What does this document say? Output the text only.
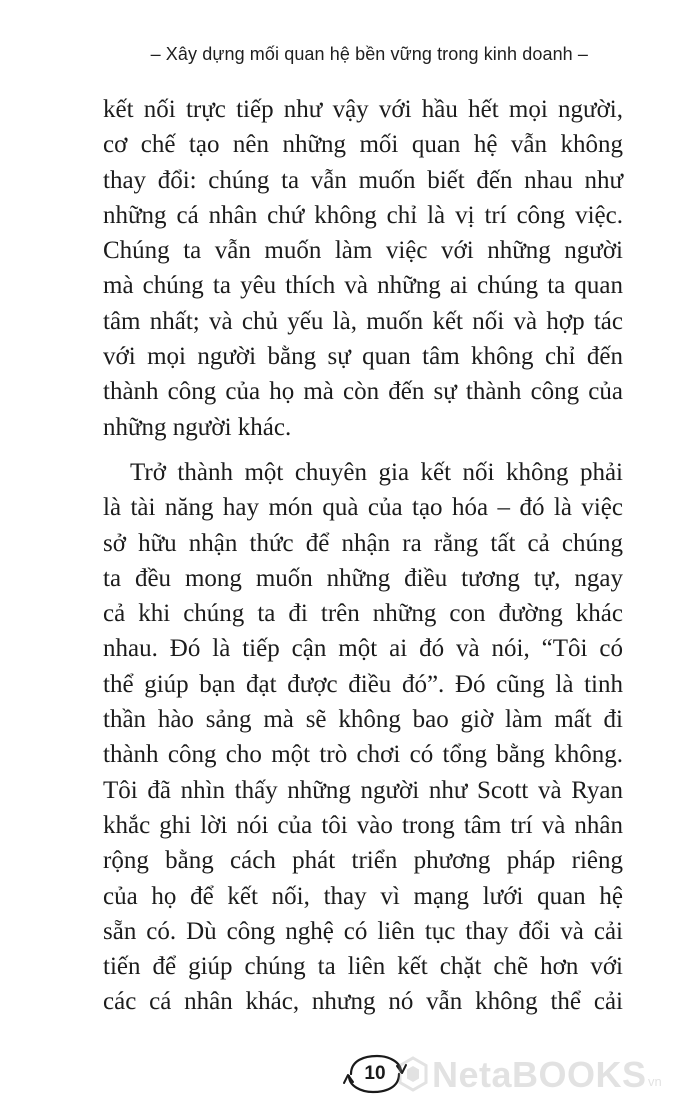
– Xây dựng mối quan hệ bền vững trong kinh doanh –

kết nối trực tiếp như vậy với hầu hết mọi người,
cơ chế tạo nên những mối quan hệ vẫn không
thay đổi: chúng ta vẫn muốn biết đến nhau như
những cá nhân chứ không chỉ là vị trí công việc.
Chúng ta vẫn muốn làm việc với những người
mà chúng ta yêu thích và những ai chúng ta quan
tâm nhất; và chủ yếu là, muốn kết nối và hợp tác
với mọi người bằng sự quan tâm không chỉ đến
thành công của họ mà còn đến sự thành công của
những người khác.

Trở thành một chuyên gia kết nối không phải
là tài năng hay món quà của tạo hóa – đó là việc
sở hữu nhận thức để nhận ra rằng tất cả chúng
ta đều mong muốn những điều tương tự, ngay
cả khi chúng ta đi trên những con đường khác
nhau. Đó là tiếp cận một ai đó và nói, “Tôi có
thể giúp bạn đạt được điều đó”. Đó cũng là tinh
thần hào sảng mà sẽ không bao giờ làm mất đi
thành công cho một trò chơi có tổng bằng không.
Tôi đã nhìn thấy những người như Scott và Ryan
khắc ghi lời nói của tôi vào trong tâm trí và nhân
rộng bằng cách phát triển phương pháp riêng
của họ để kết nối, thay vì mạng lưới quan hệ
sẵn có. Dù công nghệ có liên tục thay đổi và cải
tiến để giúp chúng ta liên kết chặt chẽ hơn với
các cá nhân khác, nhưng nó vẫn không thể cải

10	NetaBOOKS vn
